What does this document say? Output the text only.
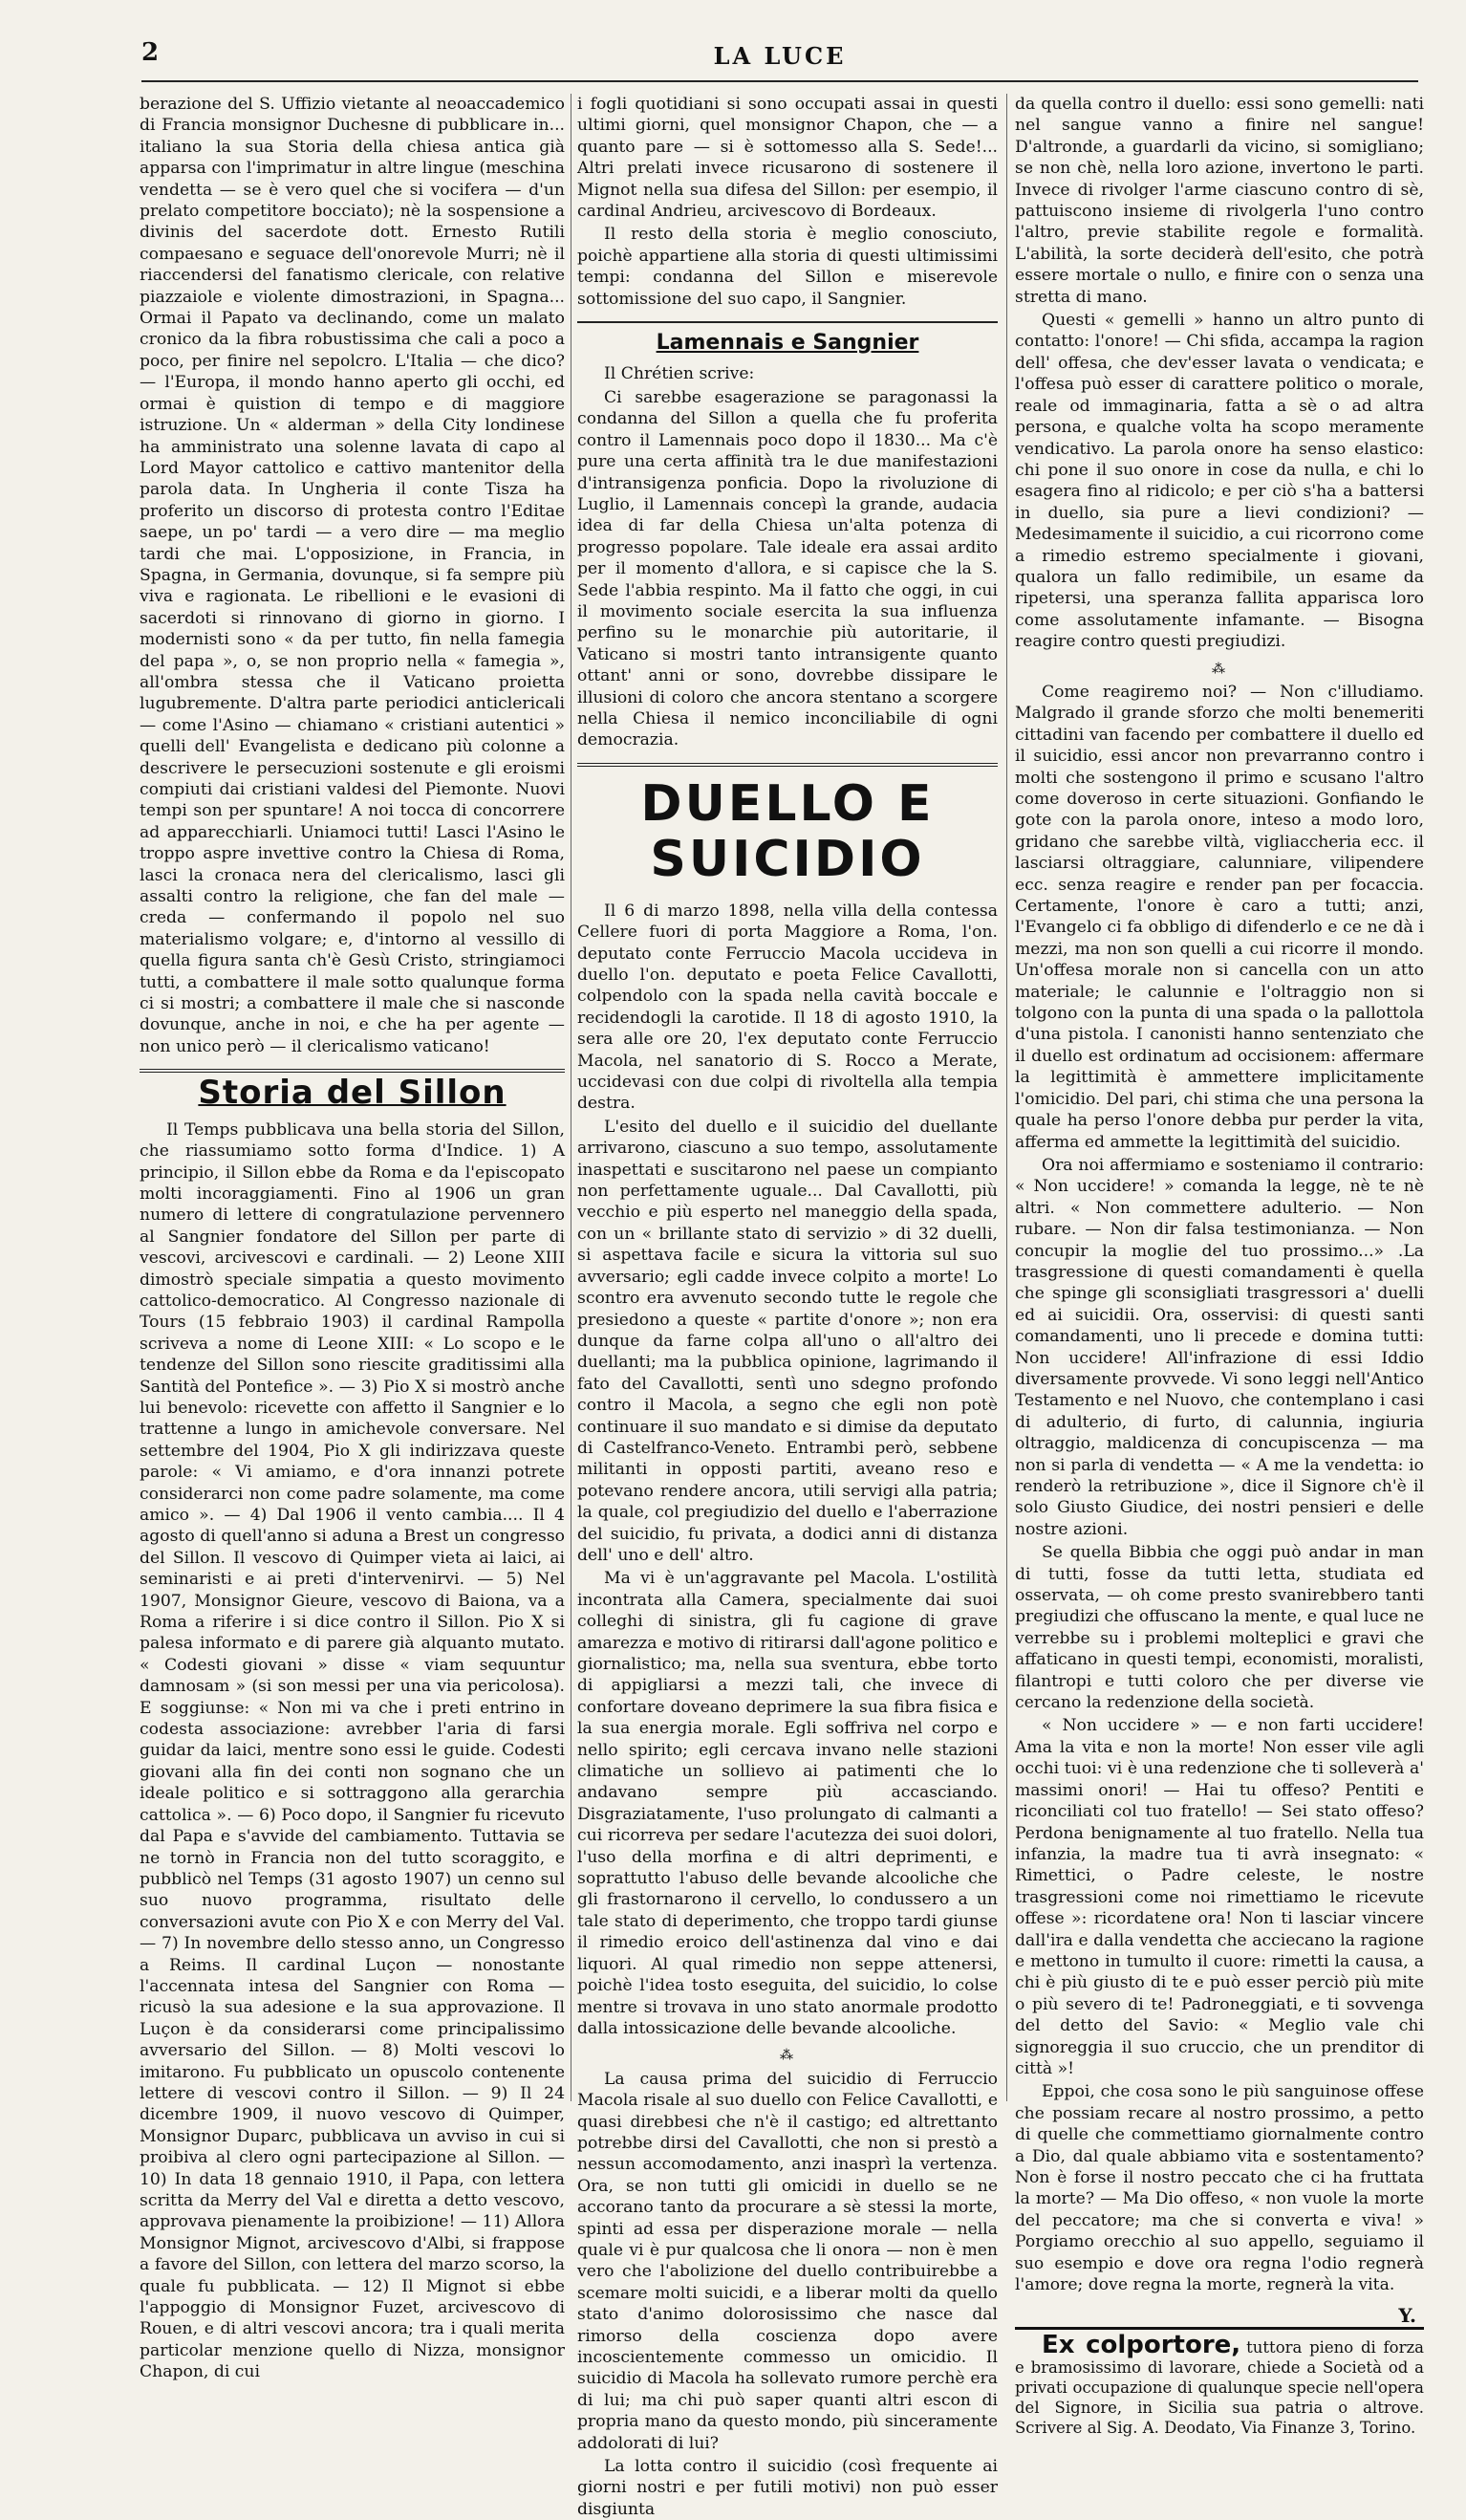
2	LA LUCE

berazione del S. Uffizio vietante al neoaccademico di Francia monsignor Duchesne di pubblicare in... italiano la sua Storia della chiesa antica già apparsa con l'imprimatur in altre lingue (meschina vendetta — se è vero quel che si vocifera — d'un prelato competitore bocciato); nè la sospensione a divinis del sacerdote dott. Ernesto Rutili compaesano e seguace dell'onorevole Murri; nè il riaccendersi del fanatismo clericale, con relative piazzaiole e violente dimostrazioni, in Spagna... Ormai il Papato va declinando, come un malato cronico da la fibra robustissima che cali a poco a poco, per finire nel sepolcro. L'Italia — che dico? — l'Europa, il mondo hanno aperto gli occhi, ed ormai è quistion di tempo e di maggiore istruzione. Un « alderman » della City londinese ha amministrato una solenne lavata di capo al Lord Mayor cattolico e cattivo mantenitor della parola data. In Ungheria il conte Tisza ha proferito un discorso di protesta contro l'Editae saepe, un po' tardi — a vero dire — ma meglio tardi che mai. L'opposizione, in Francia, in Spagna, in Germania, dovunque, si fa sempre più viva e ragionata. Le ribellioni e le evasioni di sacerdoti si rinnovano di giorno in giorno. I modernisti sono « da per tutto, fin nella famegia del papa », o, se non proprio nella « famegia », all'ombra stessa che il Vaticano proietta lugubremente. D'altra parte periodici anticlericali — come l'Asino — chiamano « cristiani autentici » quelli dell' Evangelista e dedicano più colonne a descrivere le persecuzioni sostenute e gli eroismi compiuti dai cristiani valdesi del Piemonte. Nuovi tempi son per spuntare! A noi tocca di concorrere ad apparecchiarli. Uniamoci tutti! Lasci l'Asino le troppo aspre invettive contro la Chiesa di Roma, lasci la cronaca nera del clericalismo, lasci gli assalti contro la religione, che fan del male — creda — confermando il popolo nel suo materialismo volgare; e, d'intorno al vessillo di quella figura santa ch'è Gesù Cristo, stringiamoci tutti, a combattere il male sotto qualunque forma ci si mostri; a combattere il male che si nasconde dovunque, anche in noi, e che ha per agente — non unico però — il clericalismo vaticano!

Storia del Sillon

Il Temps pubblicava una bella storia del Sillon, che riassumiamo sotto forma d'Indice. 1) A principio, il Sillon ebbe da Roma e da l'episcopato molti incoraggiamenti. Fino al 1906 un gran numero di lettere di congratulazione pervennero al Sangnier fondatore del Sillon per parte di vescovi, arcivescovi e cardinali. — 2) Leone XIII dimostrò speciale simpatia a questo movimento cattolico-democratico. Al Congresso nazionale di Tours (15 febbraio 1903) il cardinal Rampolla scriveva a nome di Leone XIII: « Lo scopo e le tendenze del Sillon sono riescite graditissimi alla Santità del Pontefice ». — 3) Pio X si mostrò anche lui benevolo: ricevette con affetto il Sangnier e lo trattenne a lungo in amichevole conversare. Nel settembre del 1904, Pio X gli indirizzava queste parole: « Vi amiamo, e d'ora innanzi potrete considerarci non come padre solamente, ma come amico ». — 4) Dal 1906 il vento cambia.... Il 4 agosto di quell'anno si aduna a Brest un congresso del Sillon. Il vescovo di Quimper vieta ai laici, ai seminaristi e ai preti d'intervenirvi. — 5) Nel 1907, Monsignor Gieure, vescovo di Baiona, va a Roma a riferire i si dice contro il Sillon. Pio X si palesa informato e di parere già alquanto mutato. « Codesti giovani » disse « viam sequuntur damnosam » (si son messi per una via pericolosa). E soggiunse: « Non mi va che i preti entrino in codesta associazione: avrebber l'aria di farsi guidar da laici, mentre sono essi le guide. Codesti giovani alla fin dei conti non sognano che un ideale politico e si sottraggono alla gerarchia cattolica ». — 6) Poco dopo, il Sangnier fu ricevuto dal Papa e s'avvide del cambiamento. Tuttavia se ne tornò in Francia non del tutto scoraggito, e pubblicò nel Temps (31 agosto 1907) un cenno sul suo nuovo programma, risultato delle conversazioni avute con Pio X e con Merry del Val. — 7) In novembre dello stesso anno, un Congresso a Reims. Il cardinal Luçon — nonostante l'accennata intesa del Sangnier con Roma — ricusò la sua adesione e la sua approvazione. Il Luçon è da considerarsi come principalissimo avversario del Sillon. — 8) Molti vescovi lo imitarono. Fu pubblicato un opuscolo contenente lettere di vescovi contro il Sillon. — 9) Il 24 dicembre 1909, il nuovo vescovo di Quimper, Monsignor Duparc, pubblicava un avviso in cui si proibiva al clero ogni partecipazione al Sillon. — 10) In data 18 gennaio 1910, il Papa, con lettera scritta da Merry del Val e diretta a detto vescovo, approvava pienamente la proibizione! — 11) Allora Monsignor Mignot, arcivescovo d'Albi, si frappose a favore del Sillon, con lettera del marzo scorso, la quale fu pubblicata. — 12) Il Mignot si ebbe l'appoggio di Monsignor Fuzet, arcivescovo di Rouen, e di altri vescovi ancora; tra i quali merita particolar menzione quello di Nizza, monsignor Chapon, di cui

i fogli quotidiani si sono occupati assai in questi ultimi giorni, quel monsignor Chapon, che — a quanto pare — si è sottomesso alla S. Sede!... Altri prelati invece ricusarono di sostenere il Mignot nella sua difesa del Sillon: per esempio, il cardinal Andrieu, arcivescovo di Bordeaux.

Il resto della storia è meglio conosciuto, poichè appartiene alla storia di questi ultimissimi tempi: condanna del Sillon e miserevole sottomissione del suo capo, il Sangnier.

Lamennais e Sangnier

Il Chrétien scrive:

Ci sarebbe esagerazione se paragonassi la condanna del Sillon a quella che fu proferita contro il Lamennais poco dopo il 1830... Ma c'è pure una certa affinità tra le due manifestazioni d'intransigenza ponficia. Dopo la rivoluzione di Luglio, il Lamennais concepì la grande, audacia idea di far della Chiesa un'alta potenza di progresso popolare. Tale ideale era assai ardito per il momento d'allora, e si capisce che la S. Sede l'abbia respinto. Ma il fatto che oggi, in cui il movimento sociale esercita la sua influenza perfino su le monarchie più autoritarie, il Vaticano si mostri tanto intransigente quanto ottant' anni or sono, dovrebbe dissipare le illusioni di coloro che ancora stentano a scorgere nella Chiesa il nemico inconciliabile di ogni democrazia.

DUELLO E SUICIDIO

Il 6 di marzo 1898, nella villa della contessa Cellere fuori di porta Maggiore a Roma, l'on. deputato conte Ferruccio Macola uccideva in duello l'on. deputato e poeta Felice Cavallotti, colpendolo con la spada nella cavità boccale e recidendogli la carotide. Il 18 di agosto 1910, la sera alle ore 20, l'ex deputato conte Ferruccio Macola, nel sanatorio di S. Rocco a Merate, uccidevasi con due colpi di rivoltella alla tempia destra.

L'esito del duello e il suicidio del duellante arrivarono, ciascuno a suo tempo, assolutamente inaspettati e suscitarono nel paese un compianto non perfettamente uguale... Dal Cavallotti, più vecchio e più esperto nel maneggio della spada, con un « brillante stato di servizio » di 32 duelli, si aspettava facile e sicura la vittoria sul suo avversario; egli cadde invece colpito a morte! Lo scontro era avvenuto secondo tutte le regole che presiedono a queste « partite d'onore »; non era dunque da farne colpa all'uno o all'altro dei duellanti; ma la pubblica opinione, lagrimando il fato del Cavallotti, sentì uno sdegno profondo contro il Macola, a segno che egli non potè continuare il suo mandato e si dimise da deputato di Castelfranco-Veneto. Entrambi però, sebbene militanti in opposti partiti, aveano reso e potevano rendere ancora, utili servigi alla patria; la quale, col pregiudizio del duello e l'aberrazione del suicidio, fu privata, a dodici anni di distanza dell' uno e dell' altro.

Ma vi è un'aggravante pel Macola. L'ostilità incontrata alla Camera, specialmente dai suoi colleghi di sinistra, gli fu cagione di grave amarezza e motivo di ritirarsi dall'agone politico e giornalistico; ma, nella sua sventura, ebbe torto di appigliarsi a mezzi tali, che invece di confortare doveano deprimere la sua fibra fisica e la sua energia morale. Egli soffriva nel corpo e nello spirito; egli cercava invano nelle stazioni climatiche un sollievo ai patimenti che lo andavano sempre più accasciando. Disgraziatamente, l'uso prolungato di calmanti a cui ricorreva per sedare l'acutezza dei suoi dolori, l'uso della morfina e di altri deprimenti, e soprattutto l'abuso delle bevande alcooliche che gli frastornarono il cervello, lo condussero a un tale stato di deperimento, che troppo tardi giunse il rimedio eroico dell'astinenza dal vino e dai liquori. Al qual rimedio non seppe attenersi, poichè l'idea tosto eseguita, del suicidio, lo colse mentre si trovava in uno stato anormale prodotto dalla intossicazione delle bevande alcooliche.

⁂

La causa prima del suicidio di Ferruccio Macola risale al suo duello con Felice Cavallotti, e quasi direbbesi che n'è il castigo; ed altrettanto potrebbe dirsi del Cavallotti, che non si prestò a nessun accomodamento, anzi inasprì la vertenza. Ora, se non tutti gli omicidi in duello se ne accorano tanto da procurare a sè stessi la morte, spinti ad essa per disperazione morale — nella quale vi è pur qualcosa che li onora — non è men vero che l'abolizione del duello contribuirebbe a scemare molti suicidi, e a liberar molti da quello stato d'animo dolorosissimo che nasce dal rimorso della coscienza dopo avere incoscientemente commesso un omicidio. Il suicidio di Macola ha sollevato rumore perchè era di lui; ma chi può saper quanti altri escon di propria mano da questo mondo, più sinceramente addolorati di lui?

La lotta contro il suicidio (così frequente ai giorni nostri e per futili motivi) non può esser disgiunta

da quella contro il duello: essi sono gemelli: nati nel sangue vanno a finire nel sangue! D'altronde, a guardarli da vicino, si somigliano; se non chè, nella loro azione, invertono le parti. Invece di rivolger l'arme ciascuno contro di sè, pattuiscono insieme di rivolgerla l'uno contro l'altro, previe stabilite regole e formalità. L'abilità, la sorte deciderà dell'esito, che potrà essere mortale o nullo, e finire con o senza una stretta di mano.

Questi « gemelli » hanno un altro punto di contatto: l'onore! — Chi sfida, accampa la ragion dell' offesa, che dev'esser lavata o vendicata; e l'offesa può esser di carattere politico o morale, reale od immaginaria, fatta a sè o ad altra persona, e qualche volta ha scopo meramente vendicativo. La parola onore ha senso elastico: chi pone il suo onore in cose da nulla, e chi lo esagera fino al ridicolo; e per ciò s'ha a battersi in duello, sia pure a lievi condizioni? — Medesimamente il suicidio, a cui ricorrono come a rimedio estremo specialmente i giovani, qualora un fallo redimibile, un esame da ripetersi, una speranza fallita apparisca loro come assolutamente infamante. — Bisogna reagire contro questi pregiudizi.

⁂

Come reagiremo noi? — Non c'illudiamo. Malgrado il grande sforzo che molti benemeriti cittadini van facendo per combattere il duello ed il suicidio, essi ancor non prevarranno contro i molti che sostengono il primo e scusano l'altro come doveroso in certe situazioni. Gonfiando le gote con la parola onore, inteso a modo loro, gridano che sarebbe viltà, vigliaccheria ecc. il lasciarsi oltraggiare, calunniare, vilipendere ecc. senza reagire e render pan per focaccia. Certamente, l'onore è caro a tutti; anzi, l'Evangelo ci fa obbligo di difenderlo e ce ne dà i mezzi, ma non son quelli a cui ricorre il mondo. Un'offesa morale non si cancella con un atto materiale; le calunnie e l'oltraggio non si tolgono con la punta di una spada o la pallottola d'una pistola. I canonisti hanno sentenziato che il duello est ordinatum ad occisionem: affermare la legittimità è ammettere implicitamente l'omicidio. Del pari, chi stima che una persona la quale ha perso l'onore debba pur perder la vita, afferma ed ammette la legittimità del suicidio.

Ora noi affermiamo e sosteniamo il contrario: « Non uccidere! » comanda la legge, nè te nè altri. « Non commettere adulterio. — Non rubare. — Non dir falsa testimonianza. — Non concupir la moglie del tuo prossimo...» .La trasgressione di questi comandamenti è quella che spinge gli sconsigliati trasgressori a' duelli ed ai suicidii. Ora, osservisi: di questi santi comandamenti, uno li precede e domina tutti: Non uccidere! All'infrazione di essi Iddio diversamente provvede. Vi sono leggi nell'Antico Testamento e nel Nuovo, che contemplano i casi di adulterio, di furto, di calunnia, ingiuria oltraggio, maldicenza di concupiscenza — ma non si parla di vendetta — « A me la vendetta: io renderò la retribuzione », dice il Signore ch'è il solo Giusto Giudice, dei nostri pensieri e delle nostre azioni.

Se quella Bibbia che oggi può andar in man di tutti, fosse da tutti letta, studiata ed osservata, — oh come presto svanirebbero tanti pregiudizi che offuscano la mente, e qual luce ne verrebbe su i problemi molteplici e gravi che affaticano in questi tempi, economisti, moralisti, filantropi e tutti coloro che per diverse vie cercano la redenzione della società.

« Non uccidere » — e non farti uccidere! Ama la vita e non la morte! Non esser vile agli occhi tuoi: vi è una redenzione che ti solleverà a' massimi onori! — Hai tu offeso? Pentiti e riconciliati col tuo fratello! — Sei stato offeso? Perdona benignamente al tuo fratello. Nella tua infanzia, la madre tua ti avrà insegnato: « Rimettici, o Padre celeste, le nostre trasgressioni come noi rimettiamo le ricevute offese »: ricordatene ora! Non ti lasciar vincere dall'ira e dalla vendetta che acciecano la ragione e mettono in tumulto il cuore: rimetti la causa, a chi è più giusto di te e può esser perciò più mite o più severo di te! Padroneggiati, e ti sovvenga del detto del Savio: « Meglio vale chi signoreggia il suo cruccio, che un prenditor di città »!

Eppoi, che cosa sono le più sanguinose offese che possiam recare al nostro prossimo, a petto di quelle che commettiamo giornalmente contro a Dio, dal quale abbiamo vita e sostentamento? Non è forse il nostro peccato che ci ha fruttata la morte? — Ma Dio offeso, « non vuole la morte del peccatore; ma che si converta e viva! » Porgiamo orecchio al suo appello, seguiamo il suo esempio e dove ora regna l'odio regnerà l'amore; dove regna la morte, regnerà la vita.

Y.

Ex colportore, tuttora pieno di forza e bramosissimo di lavorare, chiede a Società od a privati occupazione di qualunque specie nell'opera del Signore, in Sicilia sua patria o altrove. Scrivere al Sig. A. Deodato, Via Finanze 3, Torino.
